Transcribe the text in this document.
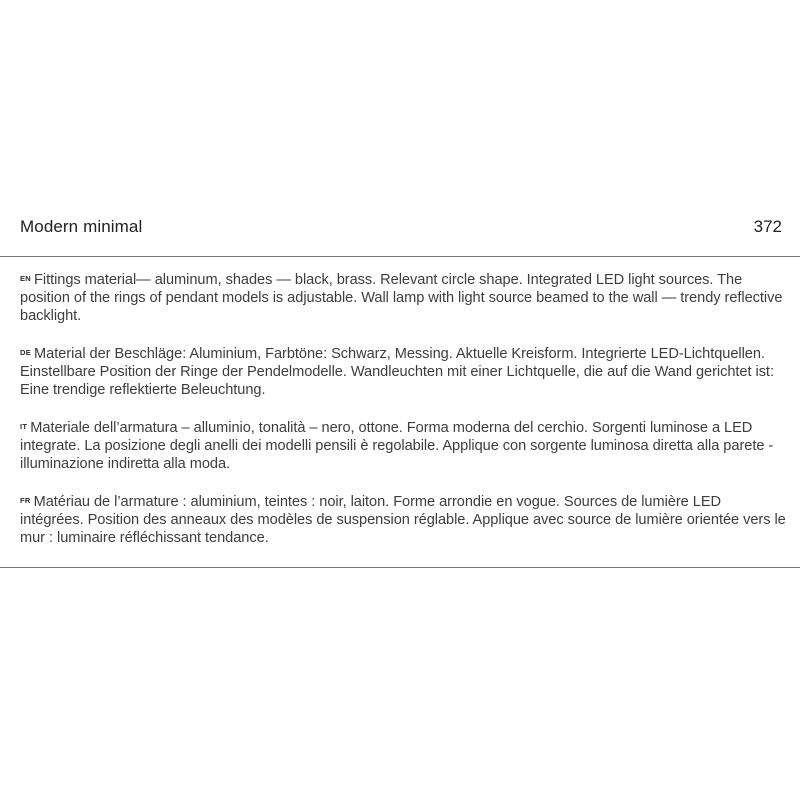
Modern minimal	372

$^{EN}$ Fittings material— aluminum, shades — black, brass. Relevant circle shape. Integrated LED light sources. The position of the rings of pendant models is adjustable. Wall lamp with light source beamed to the wall — trendy reflective backlight.

$^{DE}$ Material der Beschläge: Aluminium, Farbtöne: Schwarz, Messing. Aktuelle Kreisform. Integrierte LED-Lichtquellen. Einstellbare Position der Ringe der Pendelmodelle. Wandleuchten mit einer Lichtquelle, die auf die Wand gerichtet ist: Eine trendige reflektierte Beleuchtung.

$^{IT}$ Materiale dell’armatura – alluminio, tonalità – nero, ottone. Forma moderna del cerchio. Sorgenti luminose a LED integrate. La posizione degli anelli dei modelli pensili è regolabile. Applique con sorgente luminosa diretta alla parete - illuminazione indiretta alla moda.

$^{FR}$ Matériau de l’armature : aluminium, teintes : noir, laiton. Forme arrondie en vogue. Sources de lumière LED intégrées. Position des anneaux des modèles de suspension réglable. Applique avec source de lumière orientée vers le mur : luminaire réfléchissant tendance.
